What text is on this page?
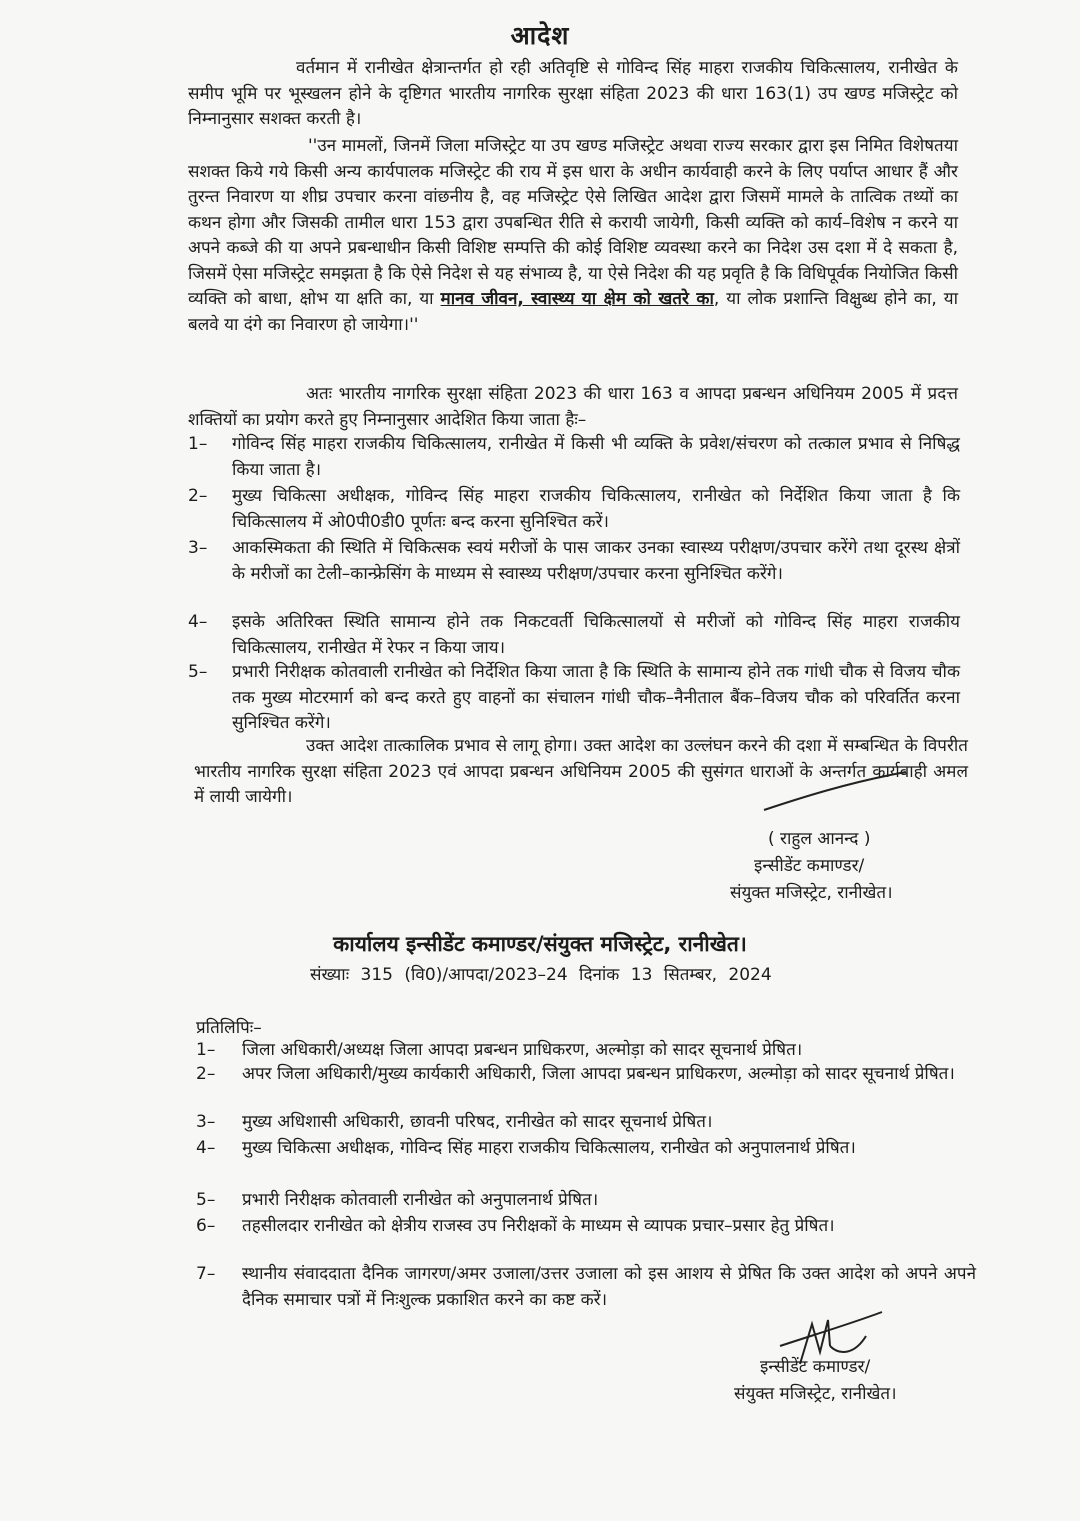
आदेश

वर्तमान में रानीखेत क्षेत्रान्तर्गत हो रही अतिवृष्टि से गोविन्द सिंह माहरा राजकीय चिकित्सालय, रानीखेत के समीप भूमि पर भूस्खलन होने के दृष्टिगत भारतीय नागरिक सुरक्षा संहिता 2023 की धारा 163(1) उप खण्ड मजिस्ट्रेट को निम्नानुसार सशक्त करती है।

''उन मामलों, जिनमें जिला मजिस्ट्रेट या उप खण्ड मजिस्ट्रेट अथवा राज्य सरकार द्वारा इस निमित विशेषतया सशक्त किये गये किसी अन्य कार्यपालक मजिस्ट्रेट की राय में इस धारा के अधीन कार्यवाही करने के लिए पर्याप्त आधार हैं और तुरन्त निवारण या शीघ्र उपचार करना वांछनीय है, वह मजिस्ट्रेट ऐसे लिखित आदेश द्वारा जिसमें मामले के तात्विक तथ्यों का कथन होगा और जिसकी तामील धारा 153 द्वारा उपबन्धित रीति से करायी जायेगी, किसी व्यक्ति को कार्य–विशेष न करने या अपने कब्जे की या अपने प्रबन्धाधीन किसी विशिष्ट सम्पत्ति की कोई विशिष्ट व्यवस्था करने का निदेश उस दशा में दे सकता है, जिसमें ऐसा मजिस्ट्रेट समझता है कि ऐसे निदेश से यह संभाव्य है, या ऐसे निदेश की यह प्रवृति है कि विधिपूर्वक नियोजित किसी व्यक्ति को बाधा, क्षोभ या क्षति का, या मानव जीवन, स्वास्थ्य या क्षेम को खतरे का, या लोक प्रशान्ति विक्षुब्ध होने का, या बलवे या दंगे का निवारण हो जायेगा।''

अतः भारतीय नागरिक सुरक्षा संहिता 2023 की धारा 163 व आपदा प्रबन्धन अधिनियम 2005 में प्रदत्त शक्तियों का प्रयोग करते हुए निम्नानुसार आदेशित किया जाता हैः–

1–	गोविन्द सिंह माहरा राजकीय चिकित्सालय, रानीखेत में किसी भी व्यक्ति के प्रवेश/संचरण को तत्काल प्रभाव से निषिद्ध किया जाता है।
2–	मुख्य चिकित्सा अधीक्षक, गोविन्द सिंह माहरा राजकीय चिकित्सालय, रानीखेत को निर्देशित किया जाता है कि चिकित्सालय में ओ0पी0डी0 पूर्णतः बन्द करना सुनिश्चित करें।
3–	आकस्मिकता की स्थिति में चिकित्सक स्वयं मरीजों के पास जाकर उनका स्वास्थ्य परीक्षण/उपचार करेंगे तथा दूरस्थ क्षेत्रों के मरीजों का टेली–कान्फ्रेसिंग के माध्यम से स्वास्थ्य परीक्षण/उपचार करना सुनिश्चित करेंगे।
4–	इसके अतिरिक्त स्थिति सामान्य होने तक निकटवर्ती चिकित्सालयों से मरीजों को गोविन्द सिंह माहरा राजकीय चिकित्सालय, रानीखेत में रेफर न किया जाय।
5–	प्रभारी निरीक्षक कोतवाली रानीखेत को निर्देशित किया जाता है कि स्थिति के सामान्य होने तक गांधी चौक से विजय चौक तक मुख्य मोटरमार्ग को बन्द करते हुए वाहनों का संचालन गांधी चौक–नैनीताल बैंक–विजय चौक को परिवर्तित करना सुनिश्चित करेंगे।

उक्त आदेश तात्कालिक प्रभाव से लागू होगा। उक्त आदेश का उल्लंघन करने की दशा में सम्बन्धित के विपरीत भारतीय नागरिक सुरक्षा संहिता 2023 एवं आपदा प्रबन्धन अधिनियम 2005 की सुसंगत धाराओं के अन्तर्गत कार्यवाही अमल में लायी जायेगी।

( राहुल आनन्द )
इन्सीडेंट कमाण्डर/
संयुक्त मजिस्ट्रेट, रानीखेत।
कार्यालय इन्सीडेंट कमाण्डर/संयुक्त मजिस्ट्रेट, रानीखेत।
संख्याः 315 (वि0)/आपदा/2023–24 दिनांक 13 सितम्बर, 2024
प्रतिलिपिः–
1–	जिला अधिकारी/अध्यक्ष जिला आपदा प्रबन्धन प्राधिकरण, अल्मोड़ा को सादर सूचनार्थ प्रेषित।
2–	अपर जिला अधिकारी/मुख्य कार्यकारी अधिकारी, जिला आपदा प्रबन्धन प्राधिकरण, अल्मोड़ा को सादर सूचनार्थ प्रेषित।
3–	मुख्य अधिशासी अधिकारी, छावनी परिषद, रानीखेत को सादर सूचनार्थ प्रेषित।
4–	मुख्य चिकित्सा अधीक्षक, गोविन्द सिंह माहरा राजकीय चिकित्सालय, रानीखेत को अनुपालनार्थ प्रेषित।
5–	प्रभारी निरीक्षक कोतवाली रानीखेत को अनुपालनार्थ प्रेषित।
6–	तहसीलदार रानीखेत को क्षेत्रीय राजस्व उप निरीक्षकों के माध्यम से व्यापक प्रचार–प्रसार हेतु प्रेषित।
7–	स्थानीय संवाददाता दैनिक जागरण/अमर उजाला/उत्तर उजाला को इस आशय से प्रेषित कि उक्त आदेश को अपने अपने दैनिक समाचार पत्रों में निःशुल्क प्रकाशित करने का कष्ट करें।
इन्सीडेंट कमाण्डर/
संयुक्त मजिस्ट्रेट, रानीखेत।
